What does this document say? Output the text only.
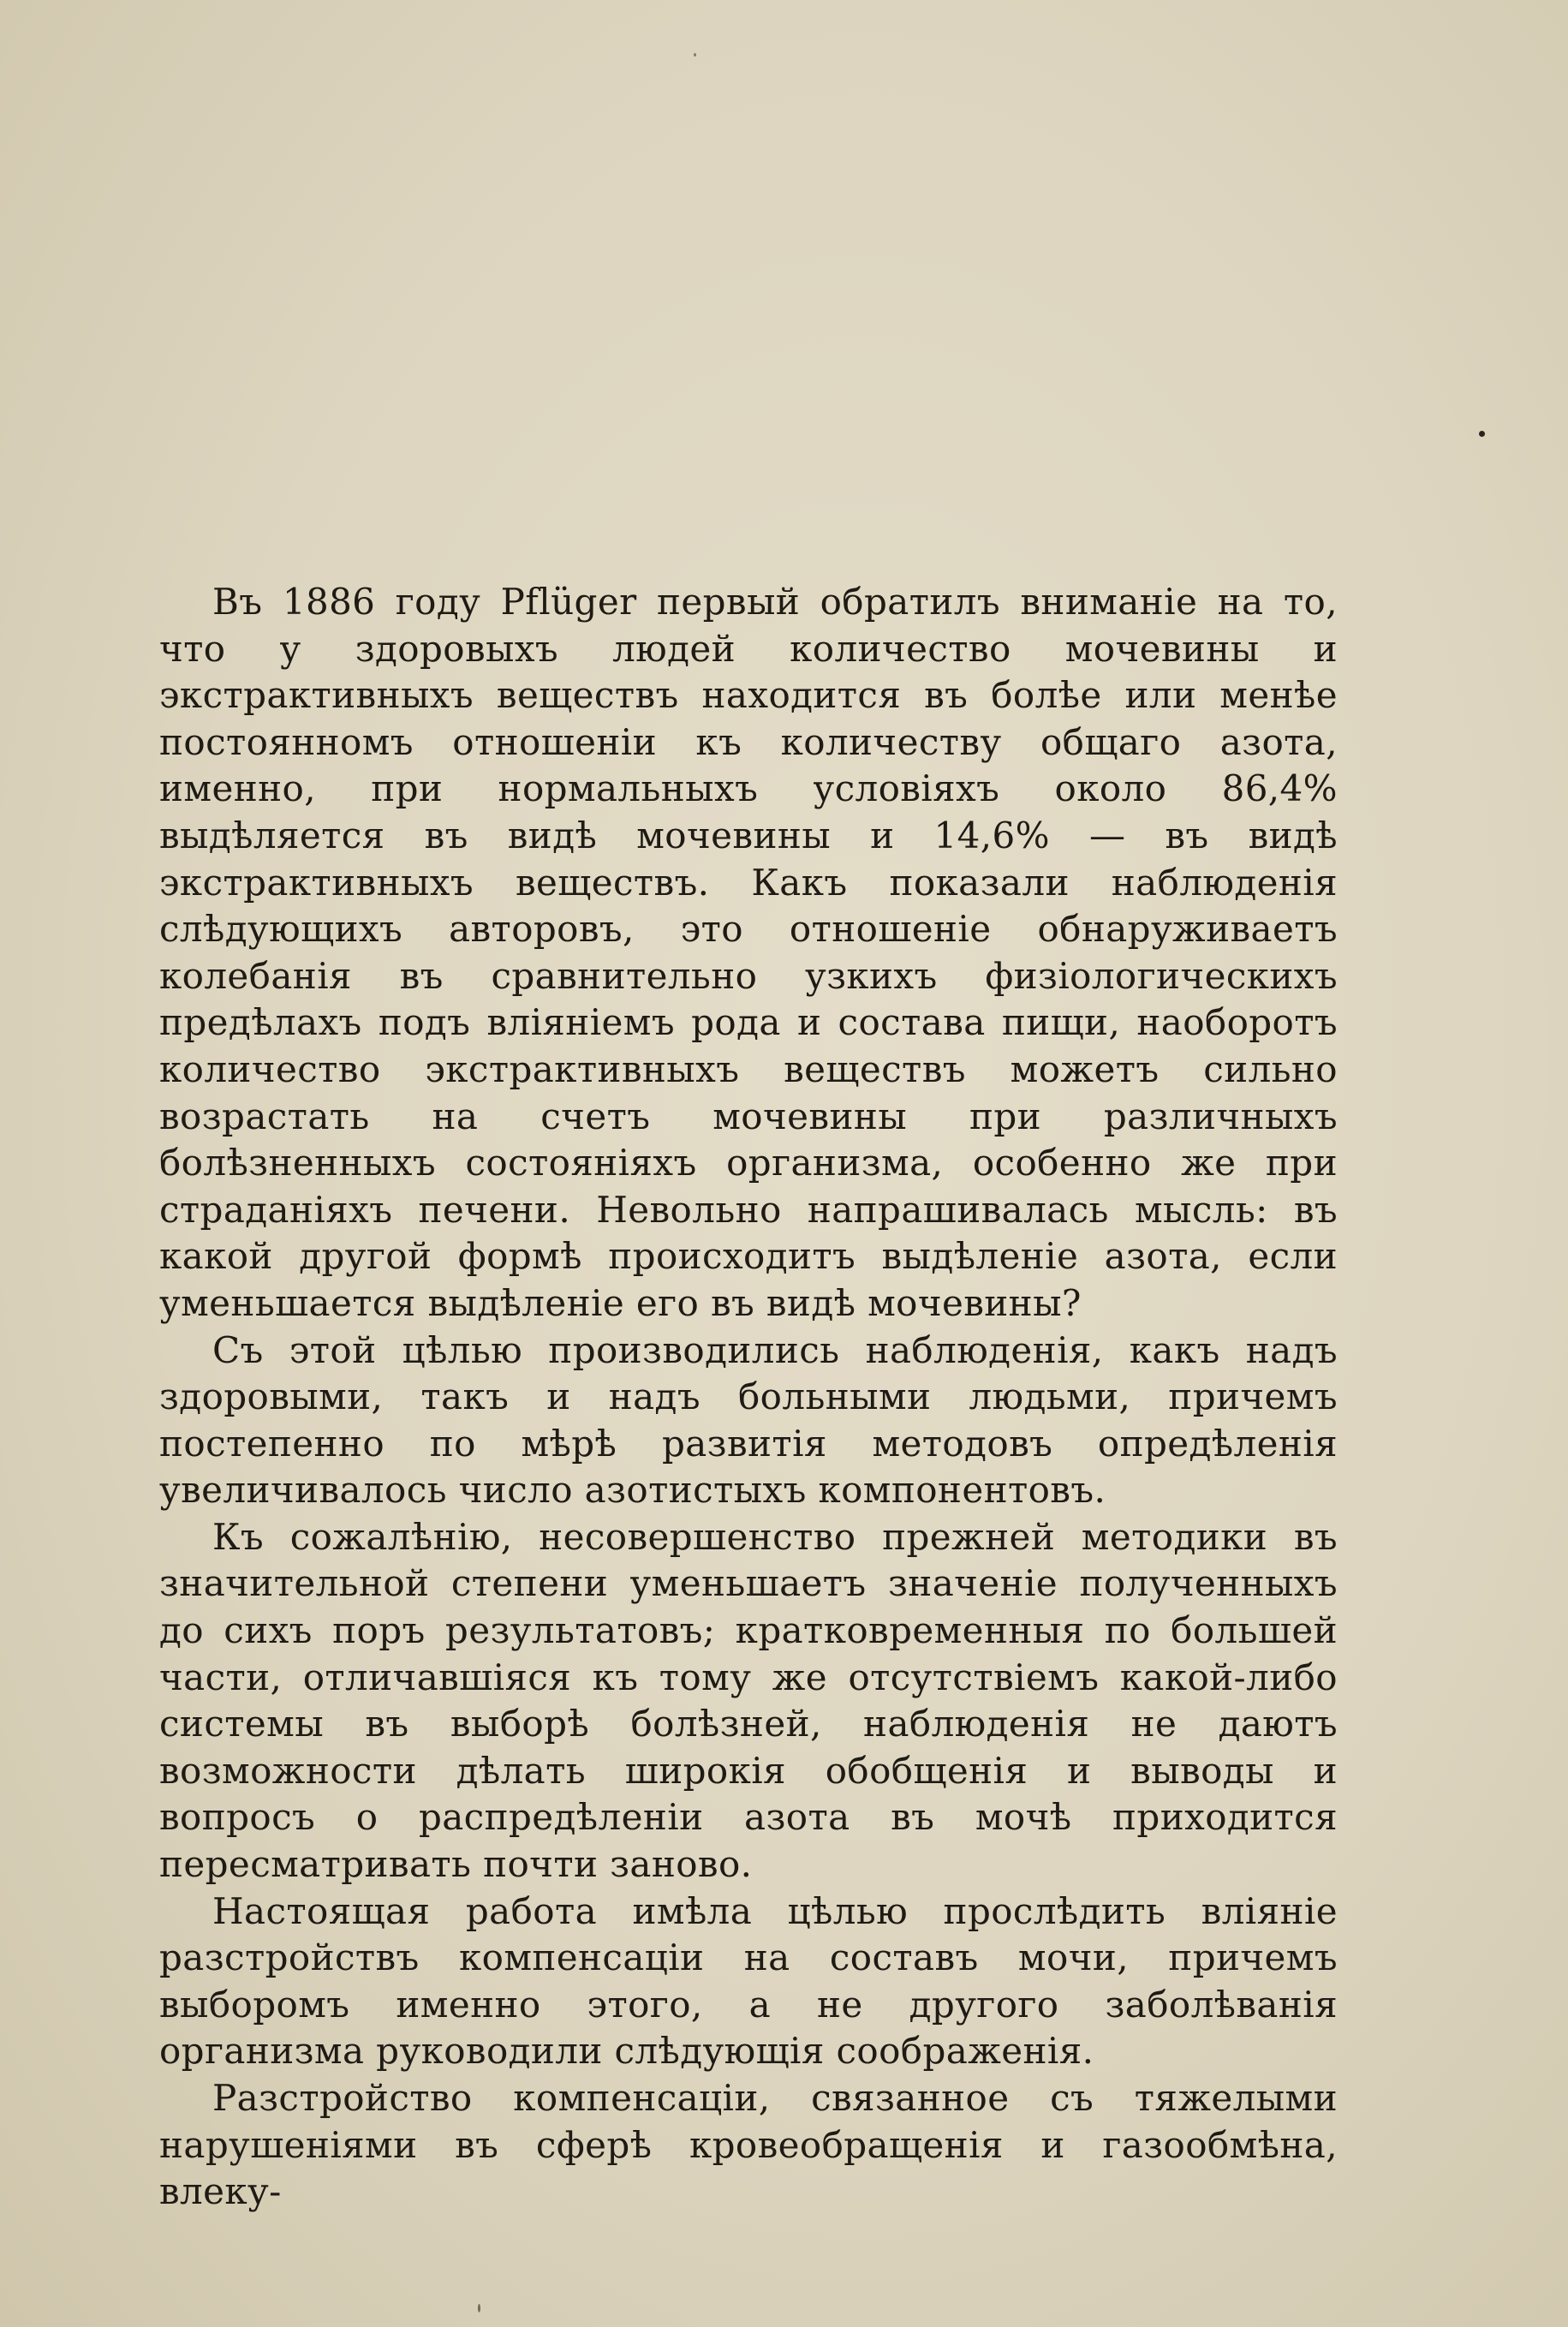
Въ 1886 году Pflüger первый обратилъ вниманіе на то, что у здоровыхъ людей количество мочевины и экстрактивныхъ веществъ находится въ болѣе или менѣе постоянномъ отношеніи къ количеству общаго азота, именно, при нормальныхъ условіяхъ около 86,4% выдѣляется въ видѣ мочевины и 14,6% — въ видѣ экстрактивныхъ веществъ. Какъ показали наблюденія слѣдующихъ авторовъ, это отношеніе обнаруживаетъ колебанія въ сравнительно узкихъ физіологическихъ предѣлахъ подъ вліяніемъ рода и состава пищи, наоборотъ количество экстрактивныхъ веществъ можетъ сильно возрастать на счетъ мочевины при различныхъ болѣзненныхъ состояніяхъ организма, особенно же при страданіяхъ печени. Невольно напрашивалась мысль: въ какой другой формѣ происходитъ выдѣленіе азота, если уменьшается выдѣленіе его въ видѣ мочевины?

Съ этой цѣлью производились наблюденія, какъ надъ здоровыми, такъ и надъ больными людьми, причемъ постепенно по мѣрѣ развитія методовъ опредѣленія увеличивалось число азотистыхъ компонентовъ.

Къ сожалѣнію, несовершенство прежней методики въ значительной степени уменьшаетъ значеніе полученныхъ до сихъ поръ результатовъ; кратковременныя по большей части, отличавшіяся къ тому же отсутствіемъ какой-либо системы въ выборѣ болѣзней, наблюденія не даютъ возможности дѣлать широкія обобщенія и выводы и вопросъ о распредѣленіи азота въ мочѣ приходится пересматривать почти заново.

Настоящая работа имѣла цѣлью прослѣдить вліяніе разстройствъ компенсаціи на составъ мочи, причемъ выборомъ именно этого, а не другого заболѣванія организма руководили слѣдующія соображенія.

Разстройство компенсаціи, связанное съ тяжелыми нарушеніями въ сферѣ кровеобращенія и газообмѣна, влеку-
